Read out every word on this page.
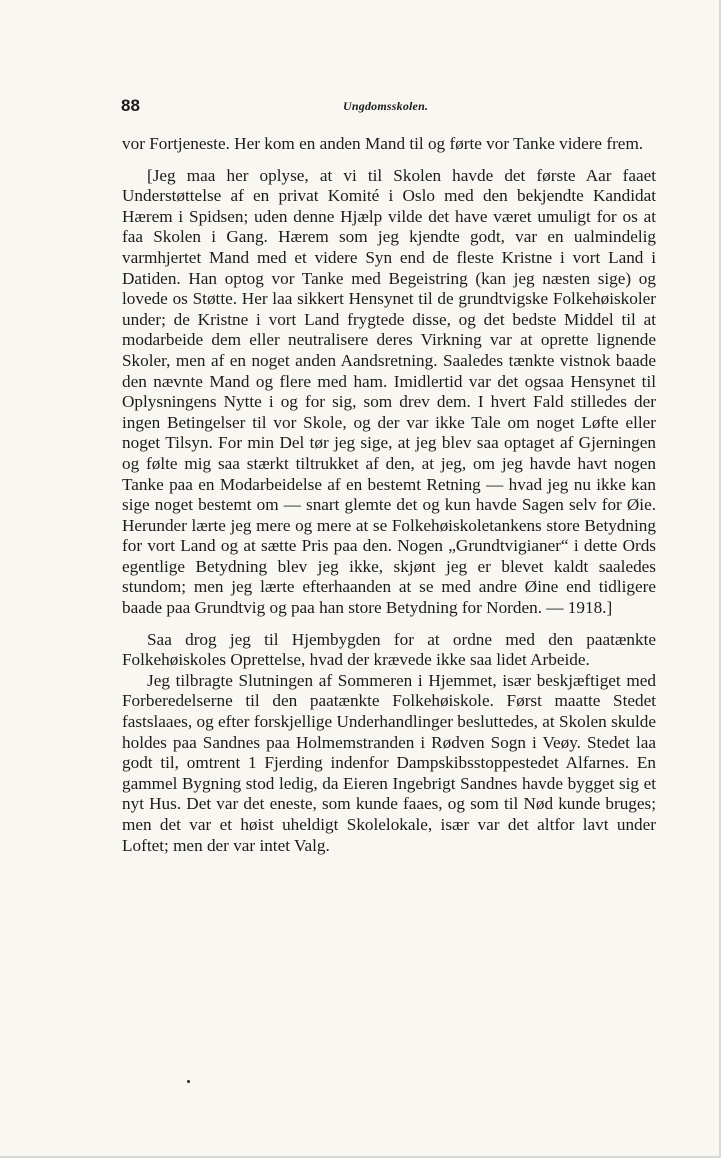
88	Ungdomsskolen.

vor Fortjeneste. Her kom en anden Mand til og førte vor Tanke videre frem.

[Jeg maa her oplyse, at vi til Skolen havde det første Aar faaet Understøttelse af en privat Komité i Oslo med den bekjendte Kandidat Hærem i Spidsen; uden denne Hjælp vilde det have været umuligt for os at faa Skolen i Gang. Hærem som jeg kjendte godt, var en ualmindelig varmhjertet Mand med et videre Syn end de fleste Kristne i vort Land i Datiden. Han optog vor Tanke med Begeistring (kan jeg næsten sige) og lovede os Støtte. Her laa sikkert Hensynet til de grundtvigske Folkehøiskoler under; de Kristne i vort Land frygtede disse, og det bedste Middel til at modarbeide dem eller neutralisere deres Virkning var at oprette lignende Skoler, men af en noget anden Aandsretning. Saaledes tænkte vistnok baade den nævnte Mand og flere med ham. Imidlertid var det ogsaa Hensynet til Oplysningens Nytte i og for sig, som drev dem. I hvert Fald stilledes der ingen Betingelser til vor Skole, og der var ikke Tale om noget Løfte eller noget Tilsyn. For min Del tør jeg sige, at jeg blev saa optaget af Gjerningen og følte mig saa stærkt tiltrukket af den, at jeg, om jeg havde havt nogen Tanke paa en Modarbeidelse af en bestemt Retning — hvad jeg nu ikke kan sige noget bestemt om — snart glemte det og kun havde Sagen selv for Øie. Herunder lærte jeg mere og mere at se Folkehøiskoletankens store Betydning for vort Land og at sætte Pris paa den. Nogen „Grundtvigianer“ i dette Ords egentlige Betydning blev jeg ikke, skjønt jeg er blevet kaldt saaledes stundom; men jeg lærte efterhaanden at se med andre Øine end tidligere baade paa Grundtvig og paa han store Betydning for Norden. — 1918.]

Saa drog jeg til Hjembygden for at ordne med den paatænkte Folkehøiskoles Oprettelse, hvad der krævede ikke saa lidet Arbeide.

Jeg tilbragte Slutningen af Sommeren i Hjemmet, især beskjæftiget med Forberedelserne til den paatænkte Folkehøiskole. Først maatte Stedet fastslaaes, og efter forskjellige Underhandlinger besluttedes, at Skolen skulde holdes paa Sandnes paa Holmemstranden i Rødven Sogn i Veøy. Stedet laa godt til, omtrent 1 Fjerding indenfor Dampskibsstoppestedet Alfarnes. En gammel Bygning stod ledig, da Eieren Ingebrigt Sandnes havde bygget sig et nyt Hus. Det var det eneste, som kunde faaes, og som til Nød kunde bruges; men det var et høist uheldigt Skolelokale, især var det altfor lavt under Loftet; men der var intet Valg.
